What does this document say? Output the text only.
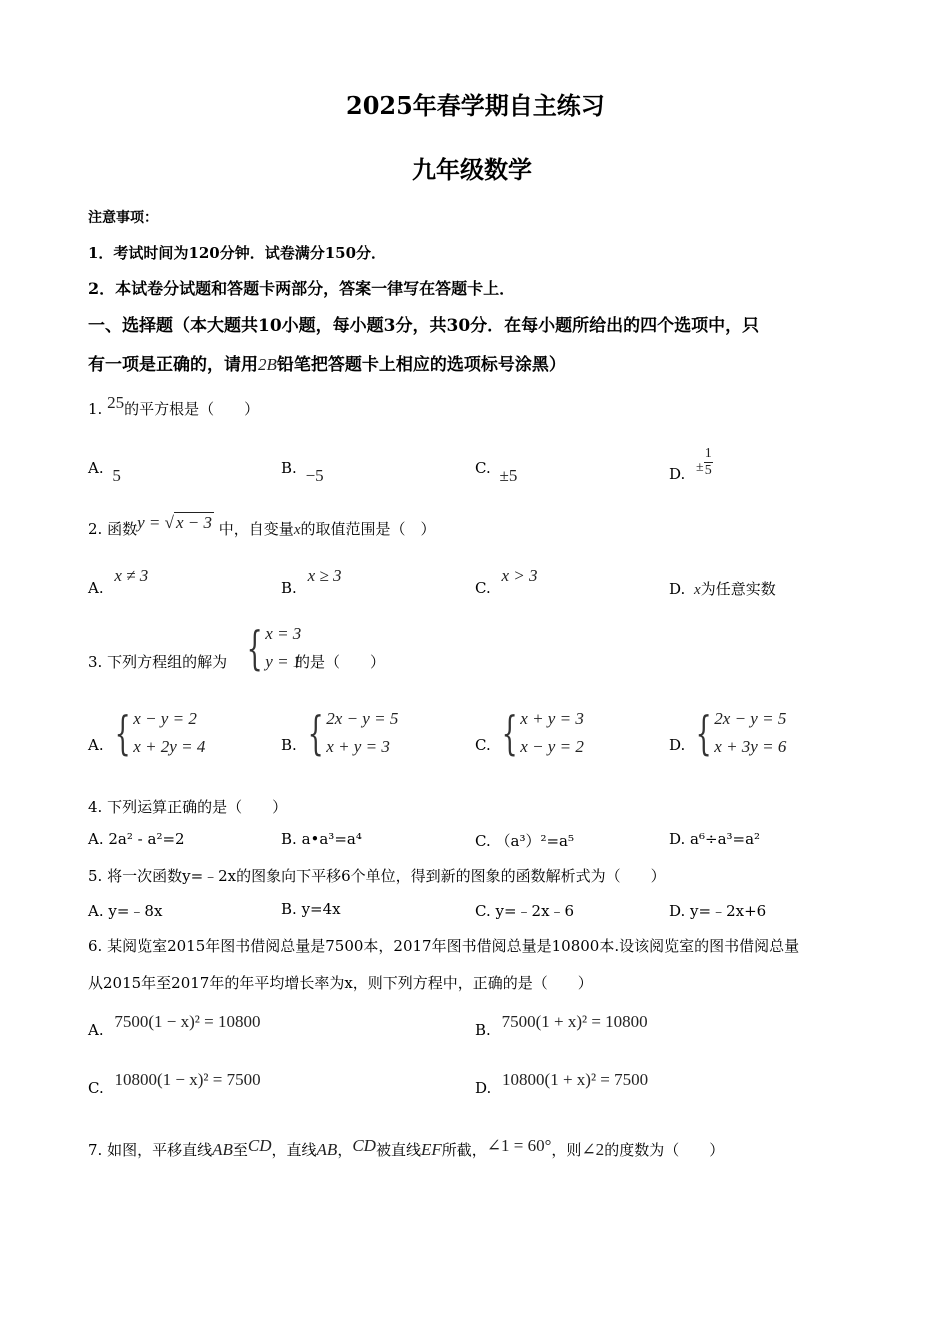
2025年春学期自主练习
九年级数学
注意事项：
1．考试时间为120分钟．试卷满分150分．
2．本试卷分试题和答题卡两部分，答案一律写在答题卡上．
一、选择题（本大题共10小题，每小题3分，共30分．在每小题所给出的四个选项中，只
有一项是正确的，请用2B铅笔把答题卡上相应的选项标号涂黑）
1. 25的平方根是（　　）
A. 5	B. −5	C. ±5	D. ± $\frac{1}{5}$
2. 函数y = √ x − 3 中，自变量x的取值范围是（　）
A. x ≠ 3
B. x ≥ 3
C. x > 3
D. x为任意实数
3. 下列方程组的解为 { x = 3
y = 1
的是（　　）
A. { x − y = 2
x + 2y = 4	B. { 2x − y = 5
x + y = 3	C. { x + y = 3
x − y = 2	D. { 2x − y = 5
x + 3y = 6
4. 下列运算正确的是（　　）
A. 2a² - a²=2	B. a•a³=a⁴	C. （a³）²=a⁵	D. a⁶÷a³=a²
5. 将一次函数y=﹣2x的图象向下平移6个单位，得到新的图象的函数解析式为（　　）
A. y=﹣8x	B. y=4x	C. y=﹣2x﹣6	D. y=﹣2x+6
6. 某阅览室2015年图书借阅总量是7500本，2017年图书借阅总量是10800本.设该阅览室的图书借阅总量
从2015年至2017年的年平均增长率为x，则下列方程中，正确的是（　　）
A. 7500(1 − x)² = 10800	B. 7500(1 + x)² = 10800
C. 10800(1 − x)² = 7500	D. 10800(1 + x)² = 7500
7. 如图，平移直线AB至CD，直线AB，CD被直线EF所截，∠1 = 60°，则∠2的度数为（　　）
